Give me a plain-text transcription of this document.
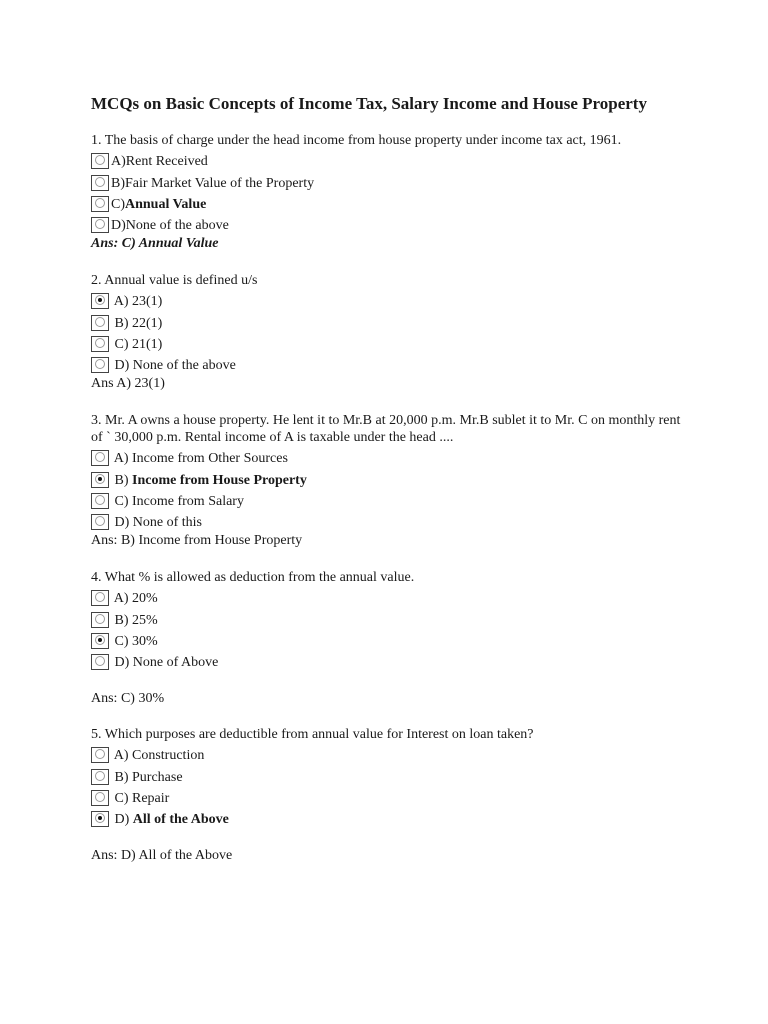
MCQs on Basic Concepts of Income Tax, Salary Income and House Property

1. The basis of charge under the head income from house property under income tax act, 1961.

A) Rent Received
B) Fair Market Value of the Property
C) Annual Value
D) None of the above
Ans: C) Annual Value

2. Annual value is defined u/s

A) 23(1)
B) 22(1)
C) 21(1)
D) None of the above
Ans A) 23(1)

3. Mr. A owns a house property. He lent it to Mr.B at 20,000 p.m. Mr.B sublet it to Mr. C on monthly rent of ` 30,000 p.m. Rental income of A is taxable under the head ....

A) Income from Other Sources
B) Income from House Property
C) Income from Salary
D) None of this
Ans: B) Income from House Property

4. What % is allowed as deduction from the annual value.

A) 20%
B) 25%
C) 30%
D) None of Above
Ans: C) 30%

5. Which purposes are deductible from annual value for Interest on loan taken?

A) Construction
B) Purchase
C) Repair
D) All of the Above
Ans: D) All of the Above
